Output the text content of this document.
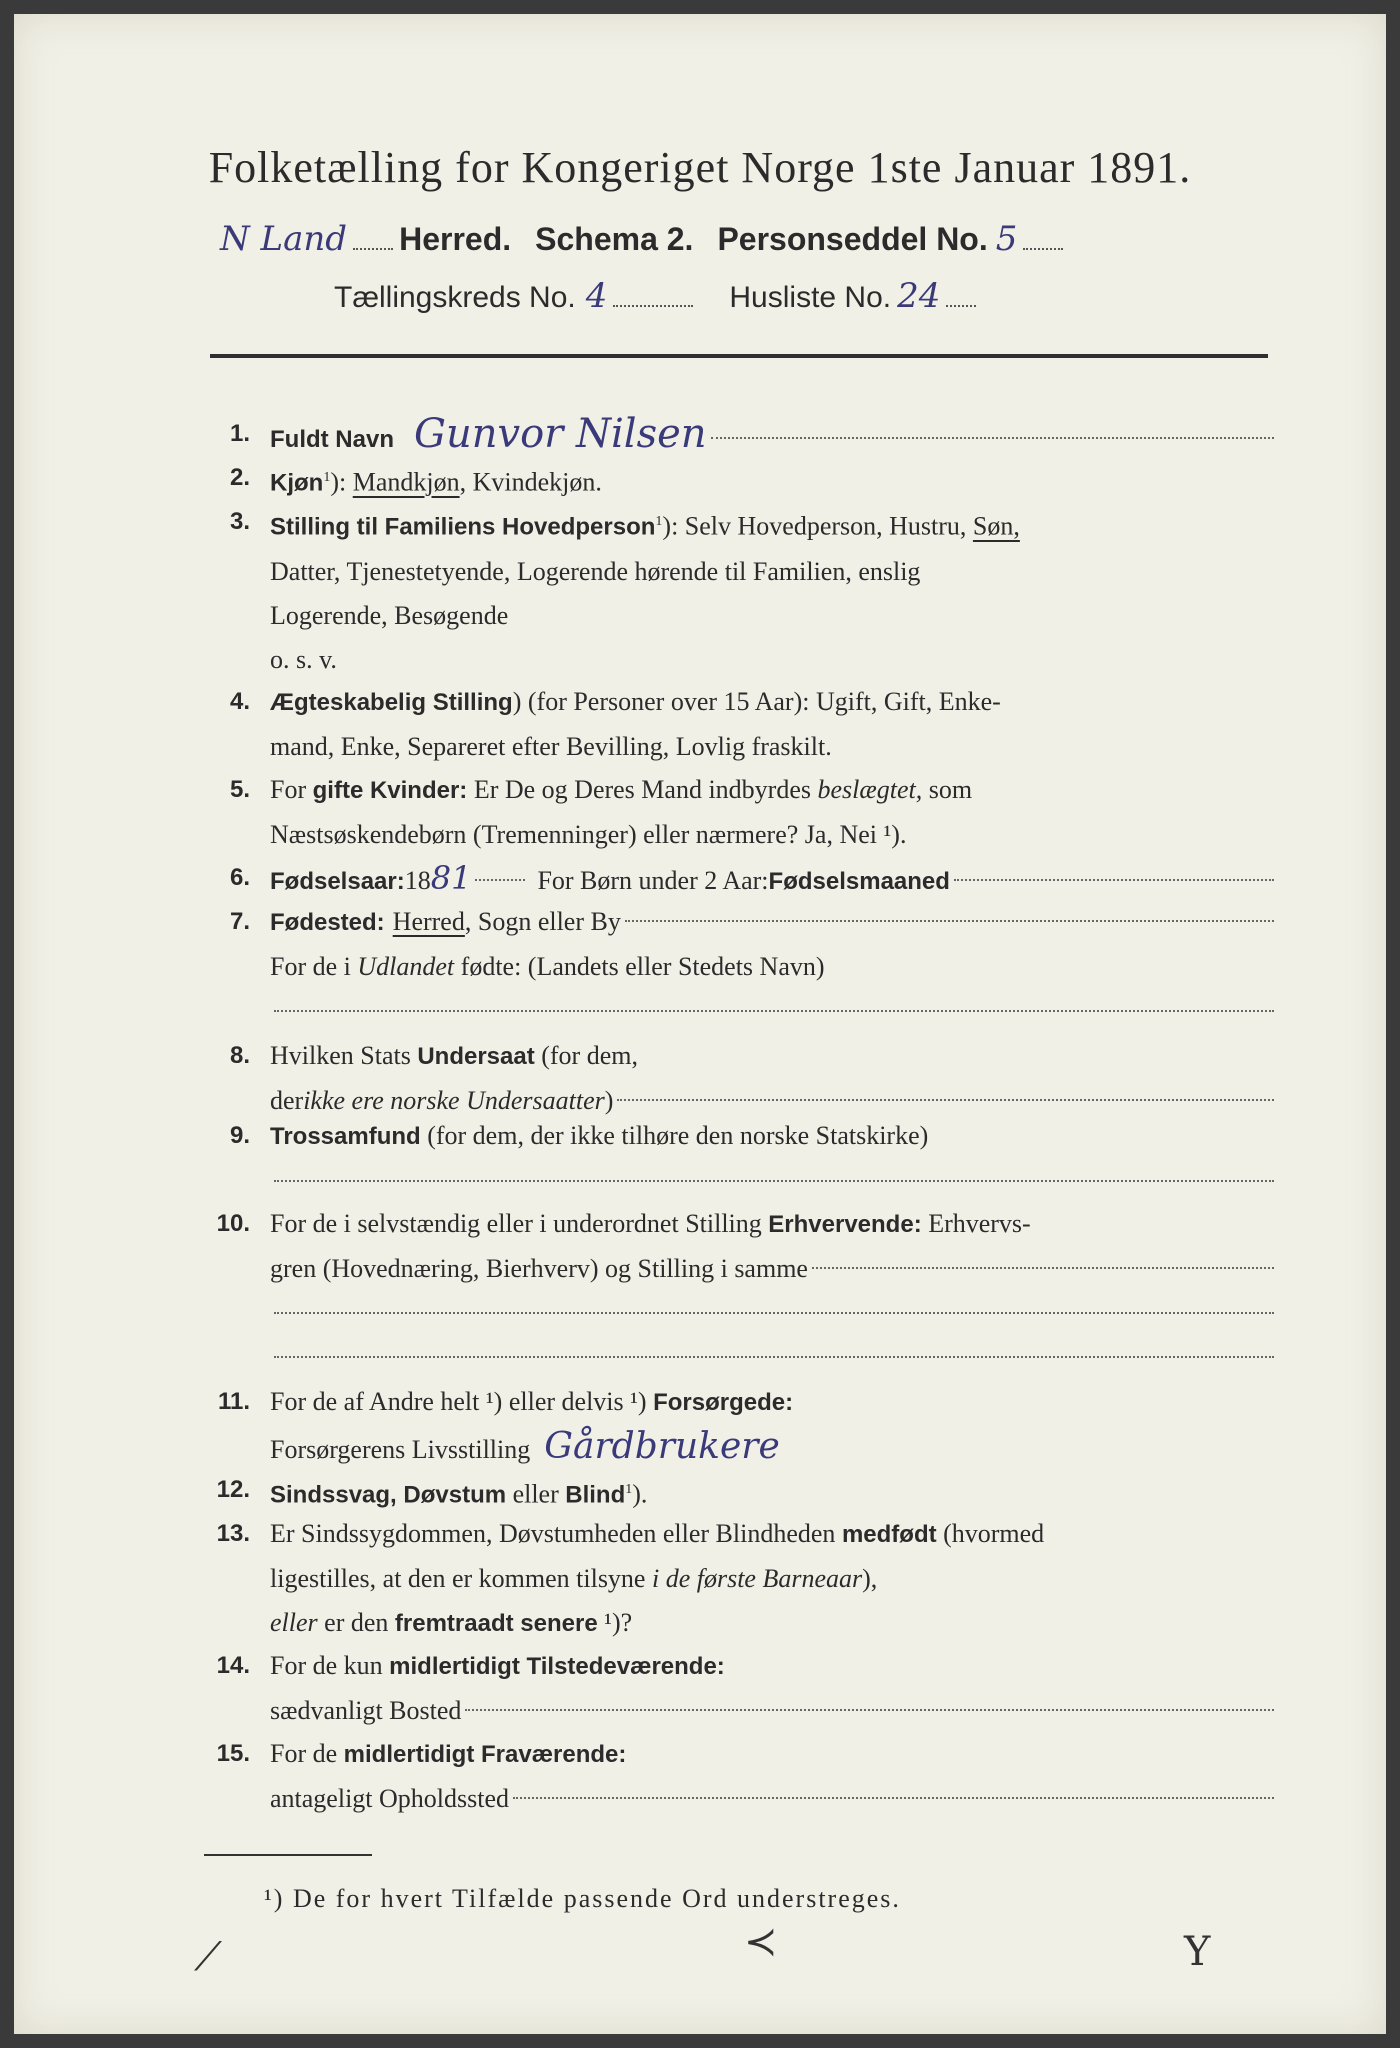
Folketælling for Kongeriget Norge 1ste Januar 1891.
N Land Herred. Schema 2. Personseddel No. 5
Tællingskreds No. 4	Husliste No. 24
1. Fuldt Navn Gunvor Nilsen
2. Kjøn$^1$): Mandkjøn, Kvindekjøn.
3. Stilling til Familiens Hovedperson$^1$): Selv Hovedperson, Hustru, Søn,
Datter, Tjenestetyende, Logerende hørende til Familien, enslig
Logerende, Besøgende
o. s. v.
4. Ægteskabelig Stilling) (for Personer over 15 Aar): Ugift, Gift, Enke-
mand, Enke, Separeret efter Bevilling, Lovlig fraskilt.
5. For gifte Kvinder: Er De og Deres Mand indbyrdes beslægtet, som
Næstsøskendebørn (Tremenninger) eller nærmere? Ja, Nei ¹).
6. Fødselsaar: 18 81	For Børn under 2 Aar: Fødselsmaaned
7. Fødested: Herred , Sogn eller By
For de i Udlandet fødte: (Landets eller Stedets Navn)
8. Hvilken Stats Undersaat (for dem,
der ikke ere norske Undersaatter )
9. Trossamfund (for dem, der ikke tilhøre den norske Statskirke)
10. For de i selvstændig eller i underordnet Stilling Erhvervende: Erhvervs-
gren (Hovednæring, Bierhverv) og Stilling i samme
11. For de af Andre helt ¹) eller delvis ¹) Forsørgede:
Forsørgerens Livsstilling Gårdbrukere
12. Sindssvag, Døvstum eller Blind$^1$).
13. Er Sindssygdommen, Døvstumheden eller Blindheden medfødt (hvormed
ligestilles, at den er kommen tilsyne i de første Barneaar),
eller er den fremtraadt senere ¹)?
14. For de kun midlertidigt Tilstedeværende:
sædvanligt Bosted
15. For de midlertidigt Fraværende:
antageligt Opholdssted
¹) De for hvert Tilfælde passende Ord understreges.
⟋	≺	Y
